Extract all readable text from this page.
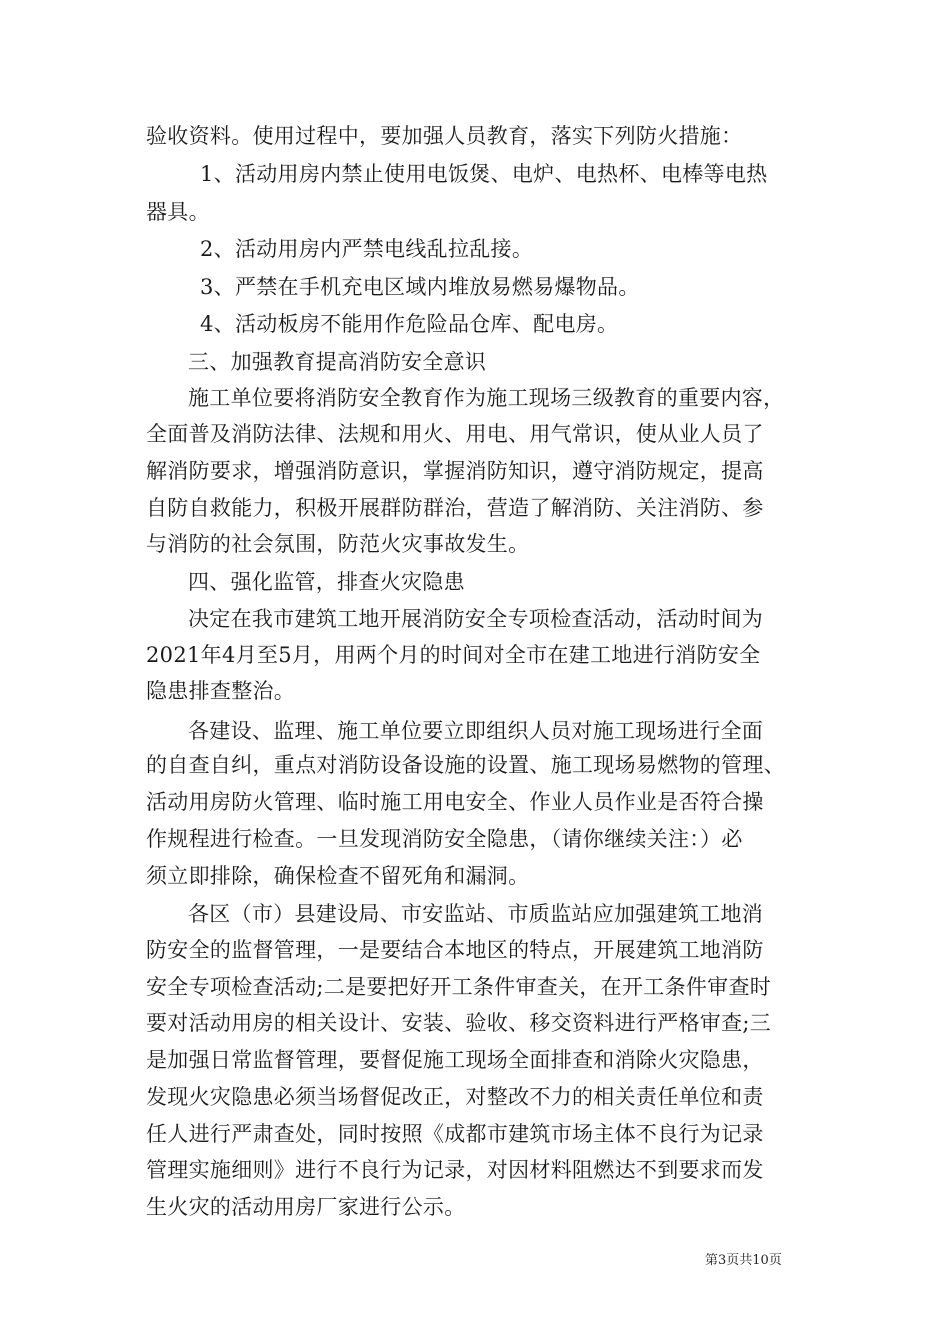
验收资料。使用过程中，要加强人员教育，落实下列防火措施：
1、活动用房内禁止使用电饭煲、电炉、电热杯、电棒等电热
器具。
2、活动用房内严禁电线乱拉乱接。
3、严禁在手机充电区域内堆放易燃易爆物品。
4、活动板房不能用作危险品仓库、配电房。
三、加强教育提高消防安全意识
施工单位要将消防安全教育作为施工现场三级教育的重要内容，
全面普及消防法律、法规和用火、用电、用气常识，使从业人员了
解消防要求，增强消防意识，掌握消防知识，遵守消防规定，提高
自防自救能力，积极开展群防群治，营造了解消防、关注消防、参
与消防的社会氛围，防范火灾事故发生。
四、强化监管，排查火灾隐患
决定在我市建筑工地开展消防安全专项检查活动，活动时间为
2021年4月至5月，用两个月的时间对全市在建工地进行消防安全
隐患排查整治。
各建设、监理、施工单位要立即组织人员对施工现场进行全面
的自查自纠，重点对消防设备设施的设置、施工现场易燃物的管理、
活动用房防火管理、临时施工用电安全、作业人员作业是否符合操
作规程进行检查。一旦发现消防安全隐患，（请你继续关注：）必
须立即排除，确保检查不留死角和漏洞。
各区（市）县建设局、市安监站、市质监站应加强建筑工地消
防安全的监督管理，一是要结合本地区的特点，开展建筑工地消防
安全专项检查活动;二是要把好开工条件审查关，在开工条件审查时
要对活动用房的相关设计、安装、验收、移交资料进行严格审查;三
是加强日常监督管理，要督促施工现场全面排查和消除火灾隐患，
发现火灾隐患必须当场督促改正，对整改不力的相关责任单位和责
任人进行严肃查处，同时按照《成都市建筑市场主体不良行为记录
管理实施细则》进行不良行为记录，对因材料阻燃达不到要求而发
生火灾的活动用房厂家进行公示。
第3页共10页
